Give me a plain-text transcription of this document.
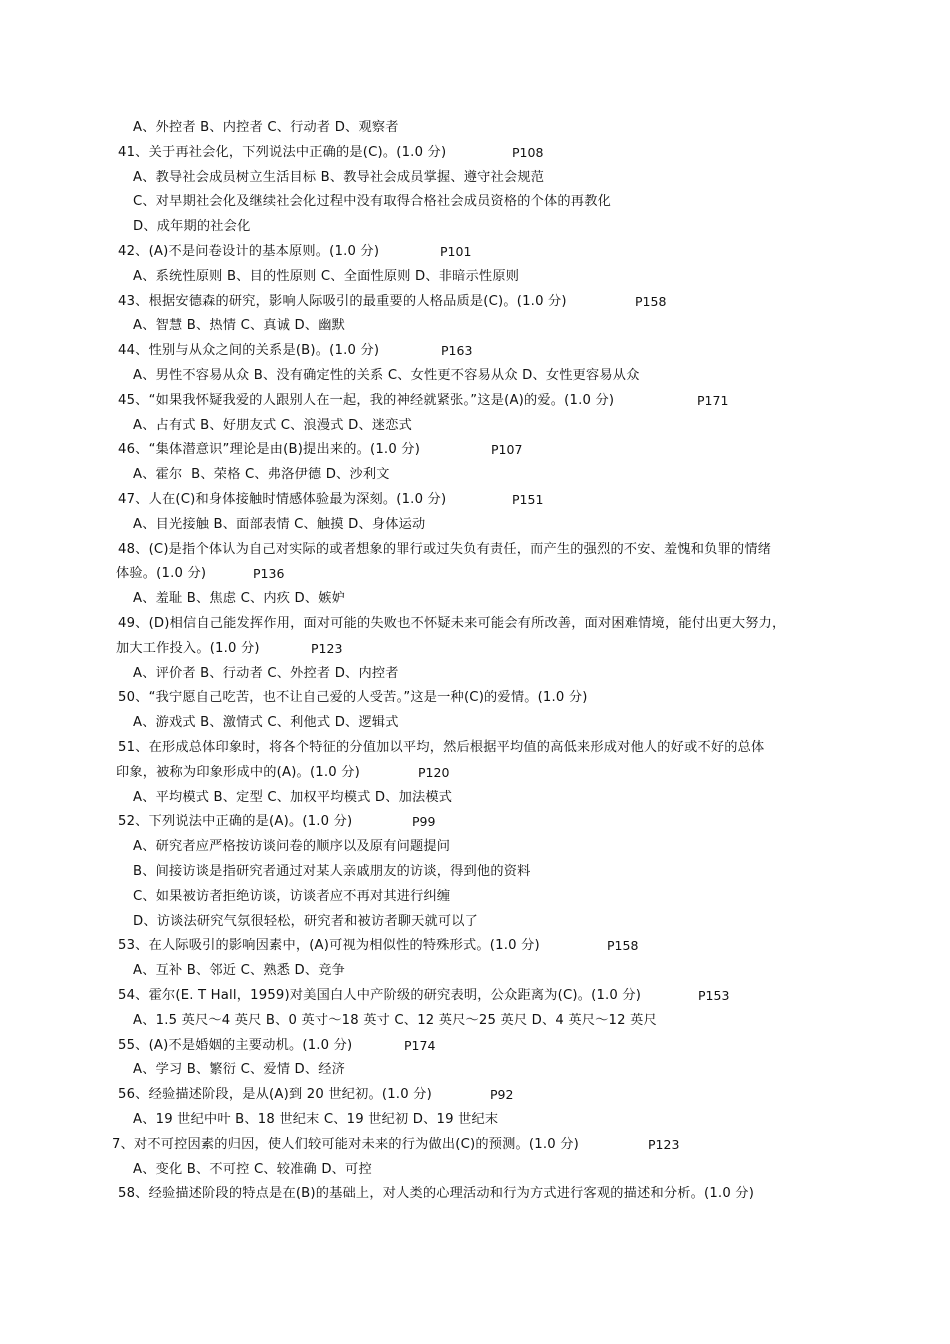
A、外控者 B、内控者 C、行动者 D、观察者
41、关于再社会化，下列说法中正确的是(C)。(1.0 分)	P108
A、教导社会成员树立生活目标 B、教导社会成员掌握、遵守社会规范
C、对早期社会化及继续社会化过程中没有取得合格社会成员资格的个体的再教化
D、成年期的社会化
42、(A)不是问卷设计的基本原则。(1.0 分)	P101
A、系统性原则 B、目的性原则 C、全面性原则 D、非暗示性原则
43、根据安德森的研究，影响人际吸引的最重要的人格品质是(C)。(1.0 分)	P158
A、智慧 B、热情 C、真诚 D、幽默
44、性别与从众之间的关系是(B)。(1.0 分)	P163
A、男性不容易从众 B、没有确定性的关系 C、女性更不容易从众 D、女性更容易从众
45、“如果我怀疑我爱的人跟别人在一起，我的神经就紧张。”这是(A)的爱。(1.0 分)	P171
A、占有式 B、好朋友式 C、浪漫式 D、迷恋式
46、“集体潜意识”理论是由(B)提出来的。(1.0 分)	P107
A、霍尔  B、荣格 C、弗洛伊德 D、沙利文
47、人在(C)和身体接触时情感体验最为深刻。(1.0 分)	P151
A、目光接触 B、面部表情 C、触摸 D、身体运动
48、(C)是指个体认为自己对实际的或者想象的罪行或过失负有责任，而产生的强烈的不安、羞愧和负罪的情绪
体验。(1.0 分)	P136
A、羞耻 B、焦虑 C、内疚 D、嫉妒
49、(D)相信自己能发挥作用，面对可能的失败也不怀疑未来可能会有所改善，面对困难情境，能付出更大努力，
加大工作投入。(1.0 分)	P123
A、评价者 B、行动者 C、外控者 D、内控者
50、“我宁愿自己吃苦，也不让自己爱的人受苦。”这是一种(C)的爱情。(1.0 分)
A、游戏式 B、激情式 C、利他式 D、逻辑式
51、在形成总体印象时，将各个特征的分值加以平均，然后根据平均值的高低来形成对他人的好或不好的总体
印象，被称为印象形成中的(A)。(1.0 分)	P120
A、平均模式 B、定型 C、加权平均模式 D、加法模式
52、下列说法中正确的是(A)。(1.0 分)	P99
A、研究者应严格按访谈问卷的顺序以及原有问题提问
B、间接访谈是指研究者通过对某人亲戚朋友的访谈，得到他的资料
C、如果被访者拒绝访谈，访谈者应不再对其进行纠缠
D、访谈法研究气氛很轻松，研究者和被访者聊天就可以了
53、在人际吸引的影响因素中，(A)可视为相似性的特殊形式。(1.0 分)	P158
A、互补 B、邻近 C、熟悉 D、竞争
54、霍尔(E. T Hall，1959)对美国白人中产阶级的研究表明，公众距离为(C)。(1.0 分)	P153
A、1.5 英尺～4 英尺 B、0 英寸～18 英寸 C、12 英尺～25 英尺 D、4 英尺～12 英尺
55、(A)不是婚姻的主要动机。(1.0 分)	P174
A、学习 B、繁衍 C、爱情 D、经济
56、经验描述阶段，是从(A)到 20 世纪初。(1.0 分)	P92
A、19 世纪中叶 B、18 世纪末 C、19 世纪初 D、19 世纪末
7、对不可控因素的归因，使人们较可能对未来的行为做出(C)的预测。(1.0 分)	P123
A、变化 B、不可控 C、较准确 D、可控
58、经验描述阶段的特点是在(B)的基础上，对人类的心理活动和行为方式进行客观的描述和分析。(1.0 分)
